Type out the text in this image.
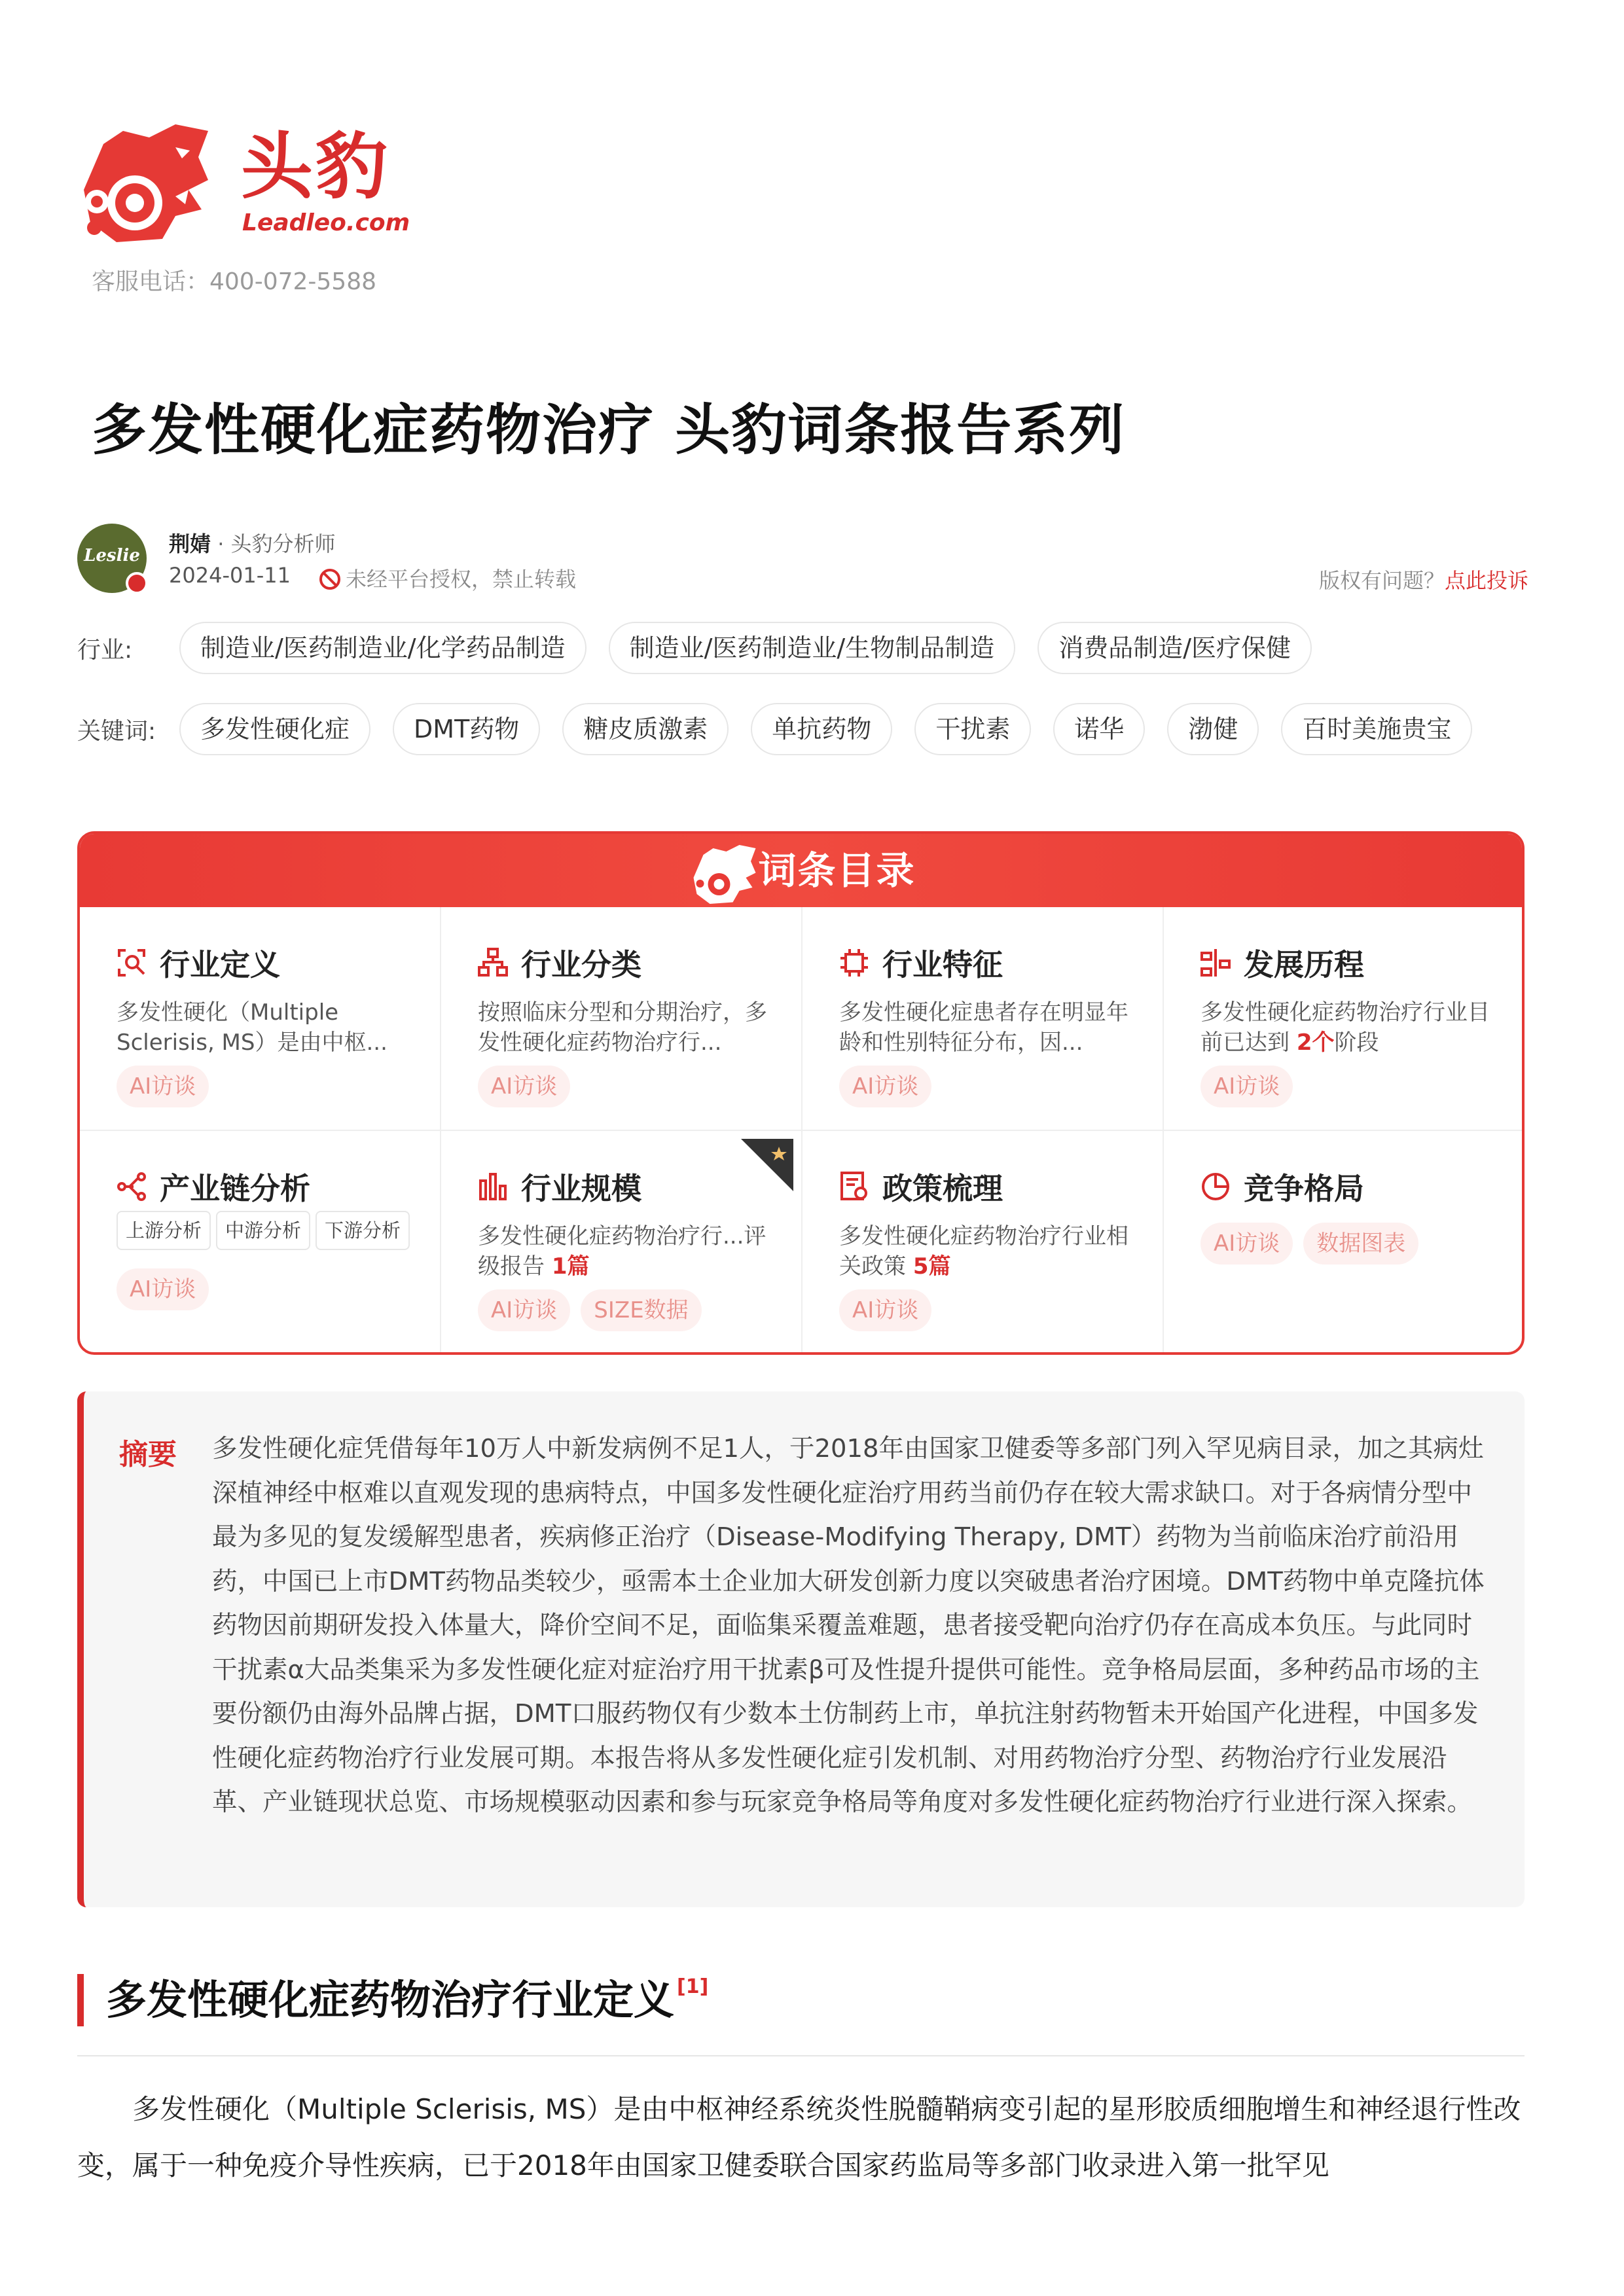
头豹
Leadleo.com
客服电话：400-072-5588
多发性硬化症药物治疗 头豹词条报告系列
Leslie	荆婧 · 头豹分析师
2024-01-11	未经平台授权，禁止转载	版权有问题？点此投诉
行业:	制造业/医药制造业/化学药品制造	制造业/医药制造业/生物制品制造	消费品制造/医疗保健
关键词:	多发性硬化症	DMT药物	糖皮质激素	单抗药物	干扰素	诺华	渤健	百时美施贵宝
词条目录
行业定义
多发性硬化（Multiple Sclerisis, MS）是由中枢...
AI访谈
行业分类
按照临床分型和分期治疗，多发性硬化症药物治疗行...
AI访谈
行业特征
多发性硬化症患者存在明显年龄和性别特征分布，因...
AI访谈
发展历程
多发性硬化症药物治疗行业目前已达到 2个阶段
AI访谈
产业链分析
上游分析 中游分析 下游分析
AI访谈
行业规模
多发性硬化症药物治疗行...评级报告 1篇
AI访谈 SIZE数据
政策梳理
多发性硬化症药物治疗行业相关政策 5篇
AI访谈
竞争格局
AI访谈 数据图表
摘要 多发性硬化症凭借每年10万人中新发病例不足1人，于2018年由国家卫健委等多部门列入罕见病目录，加之其病灶深植神经中枢难以直观发现的患病特点，中国多发性硬化症治疗用药当前仍存在较大需求缺口。对于各病情分型中最为多见的复发缓解型患者，疾病修正治疗（Disease-Modifying Therapy, DMT）药物为当前临床治疗前沿用药，中国已上市DMT药物品类较少，亟需本土企业加大研发创新力度以突破患者治疗困境。DMT药物中单克隆抗体药物因前期研发投入体量大，降价空间不足，面临集采覆盖难题，患者接受靶向治疗仍存在高成本负压。与此同时干扰素α大品类集采为多发性硬化症对症治疗用干扰素β可及性提升提供可能性。竞争格局层面，多种药品市场的主要份额仍由海外品牌占据，DMT口服药物仅有少数本土仿制药上市，单抗注射药物暂未开始国产化进程，中国多发性硬化症药物治疗行业发展可期。本报告将从多发性硬化症引发机制、对用药物治疗分型、药物治疗行业发展沿革、产业链现状总览、市场规模驱动因素和参与玩家竞争格局等角度对多发性硬化症药物治疗行业进行深入探索。
多发性硬化症药物治疗行业定义 [1]

多发性硬化（Multiple Sclerisis, MS）是由中枢神经系统炎性脱髓鞘病变引起的星形胶质细胞增生和神经退行性改变，属于一种免疫介导性疾病，已于2018年由国家卫健委联合国家药监局等多部门收录进入第一批罕见
